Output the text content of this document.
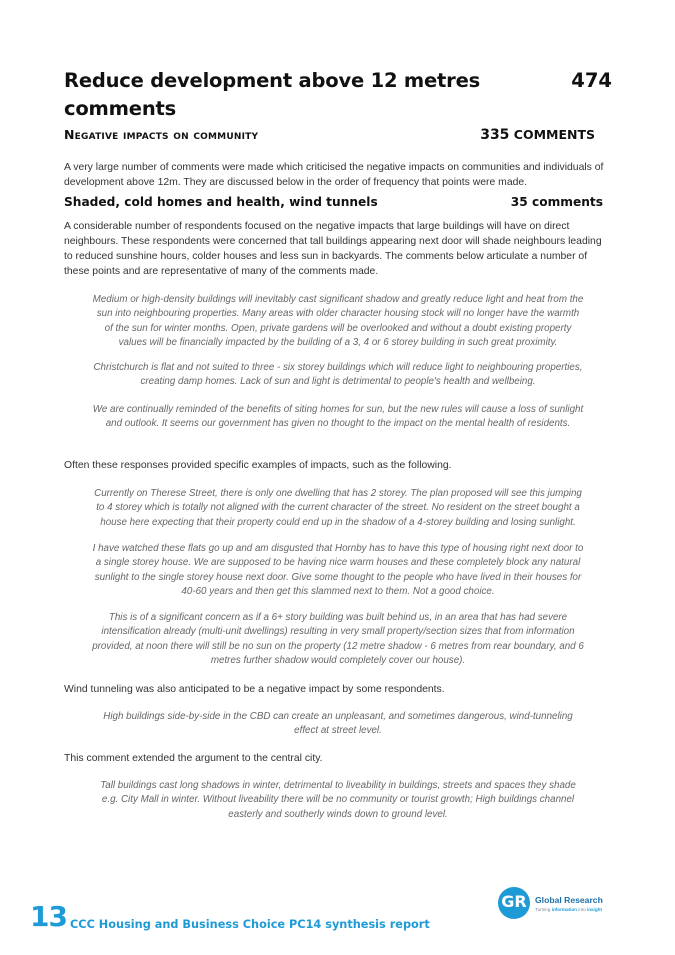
Reduce development above 12 metres comments
474
Negative impacts on community	335 COMMENTS
A very large number of comments were made which criticised the negative impacts on communities and individuals of development above 12m. They are discussed below in the order of frequency that points were made.
Shaded, cold homes and health, wind tunnels	35 comments
A considerable number of respondents focused on the negative impacts that large buildings will have on direct neighbours. These respondents were concerned that tall buildings appearing next door will shade neighbours leading to reduced sunshine hours, colder houses and less sun in backyards. The comments below articulate a number of these points and are representative of many of the comments made.
Medium or high-density buildings will inevitably cast significant shadow and greatly reduce light and heat from the sun into neighbouring properties. Many areas with older character housing stock will no longer have the warmth of the sun for winter months. Open, private gardens will be overlooked and without a doubt existing property values will be financially impacted by the building of a 3, 4 or 6 storey building in such great proximity.
Christchurch is flat and not suited to three - six storey buildings which will reduce light to neighbouring properties, creating damp homes. Lack of sun and light is detrimental to people's health and wellbeing.
We are continually reminded of the benefits of siting homes for sun, but the new rules will cause a loss of sunlight and outlook. It seems our government has given no thought to the impact on the mental health of residents.
Often these responses provided specific examples of impacts, such as the following.
Currently on Therese Street, there is only one dwelling that has 2 storey. The plan proposed will see this jumping to 4 storey which is totally not aligned with the current character of the street. No resident on the street bought a house here expecting that their property could end up in the shadow of a 4-storey building and losing sunlight.
I have watched these flats go up and am disgusted that Hornby has to have this type of housing right next door to a single storey house. We are supposed to be having nice warm houses and these completely block any natural sunlight to the single storey house next door. Give some thought to the people who have lived in their houses for 40-60 years and then get this slammed next to them. Not a good choice.
This is of a significant concern as if a 6+ story building was built behind us, in an area that has had severe intensification already (multi-unit dwellings) resulting in very small property/section sizes that from information provided, at noon there will still be no sun on the property (12 metre shadow - 6 metres from rear boundary, and 6 metres further shadow would completely cover our house).
Wind tunneling was also anticipated to be a negative impact by some respondents.
High buildings side-by-side in the CBD can create an unpleasant, and sometimes dangerous, wind-tunneling effect at street level.
This comment extended the argument to the central city.
Tall buildings cast long shadows in winter, detrimental to liveability in buildings, streets and spaces they shade e.g. City Mall in winter. Without liveability there will be no community or tourist growth; High buildings channel easterly and southerly winds down to ground level.
GR Global Research
Turning information into insight
13 CCC Housing and Business Choice PC14 synthesis report
